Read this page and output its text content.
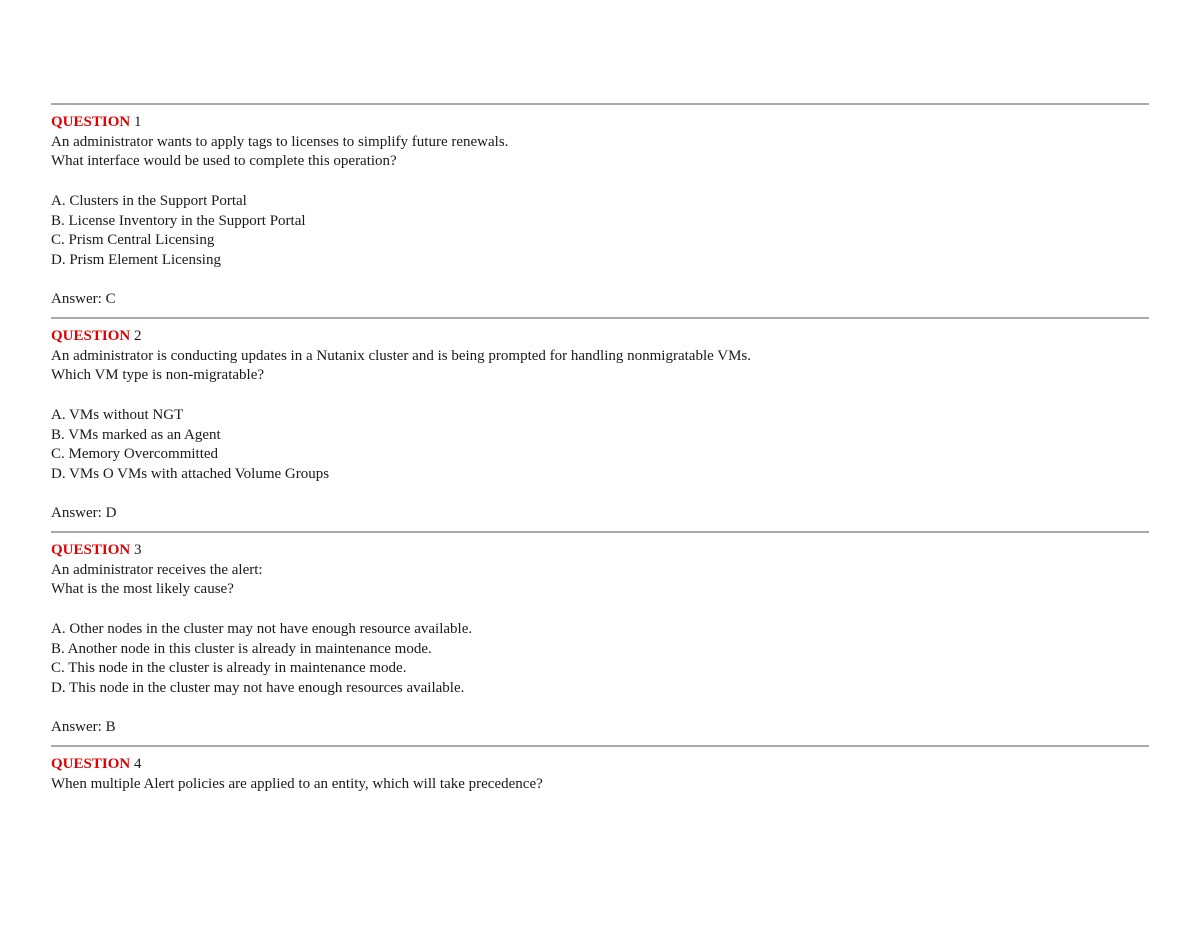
QUESTION 1
An administrator wants to apply tags to licenses to simplify future renewals.
What interface would be used to complete this operation?
A. Clusters in the Support Portal
B. License Inventory in the Support Portal
C. Prism Central Licensing
D. Prism Element Licensing
Answer: C
QUESTION 2
An administrator is conducting updates in a Nutanix cluster and is being prompted for handling nonmigratable VMs.
Which VM type is non-migratable?
A. VMs without NGT
B. VMs marked as an Agent
C. Memory Overcommitted
D. VMs O VMs with attached Volume Groups
Answer: D
QUESTION 3
An administrator receives the alert:
What is the most likely cause?
A. Other nodes in the cluster may not have enough resource available.
B. Another node in this cluster is already in maintenance mode.
C. This node in the cluster is already in maintenance mode.
D. This node in the cluster may not have enough resources available.
Answer: B
QUESTION 4
When multiple Alert policies are applied to an entity, which will take precedence?
